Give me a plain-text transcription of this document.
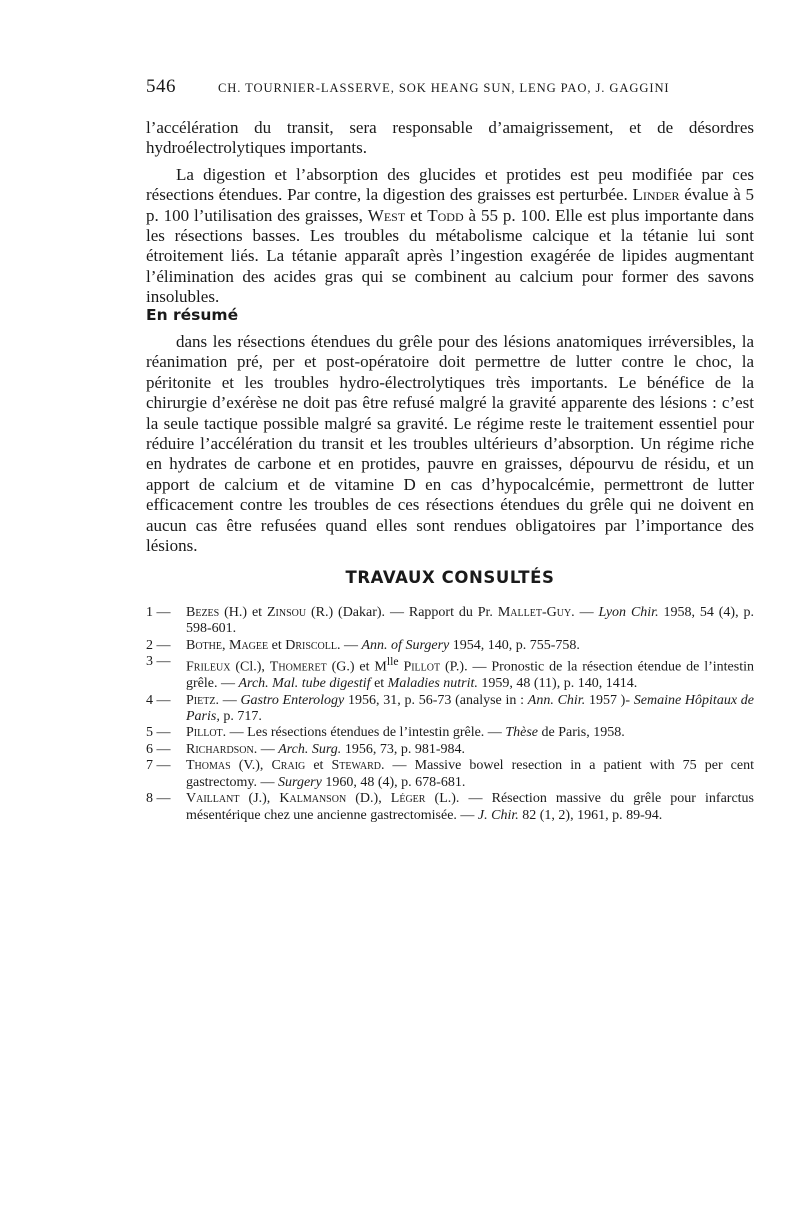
546	CH. TOURNIER-LASSERVE, SOK HEANG SUN, LENG PAO, J. GAGGINI

l’accélération du transit, sera responsable d’amaigrissement, et de désordres hydroélectrolytiques importants.

La digestion et l’absorption des glucides et protides est peu modifiée par ces résections étendues. Par contre, la digestion des graisses est perturbée. Linder évalue à 5 p. 100 l’utilisation des graisses, West et Todd à 55 p. 100. Elle est plus importante dans les résections basses. Les troubles du métabolisme calcique et la tétanie lui sont étroitement liés. La tétanie apparaît après l’ingestion exagérée de lipides augmentant l’élimination des acides gras qui se combinent au calcium pour former des savons insolubles.

En résumé

dans les résections étendues du grêle pour des lésions anatomiques irréversibles, la réanimation pré, per et post-opératoire doit permettre de lutter contre le choc, la péritonite et les troubles hydro-électrolytiques très importants. Le bénéfice de la chirurgie d’exérèse ne doit pas être refusé malgré la gravité apparente des lésions : c’est la seule tactique possible malgré sa gravité. Le régime reste le traitement essentiel pour réduire l’accélération du transit et les troubles ultérieurs d’absorption. Un régime riche en hydrates de carbone et en protides, pauvre en graisses, dépourvu de résidu, et un apport de calcium et de vitamine D en cas d’hypocalcémie, permettront de lutter efficacement contre les troubles de ces résections étendues du grêle qui ne doivent en aucun cas être refusées quand elles sont rendues obligatoires par l’importance des lésions.

TRAVAUX CONSULTÉS
1 —	Bezes (H.) et Zinsou (R.) (Dakar). — Rapport du Pr. Mallet-Guy. — Lyon Chir. 1958, 54 (4), p. 598-601.
2 —	Bothe, Magee et Driscoll. — Ann. of Surgery 1954, 140, p. 755-758.
3 —	Frileux (Cl.), Thomeret (G.) et $M^{lle}$ Pillot (P.). — Pronostic de la résection étendue de l’intestin grêle. — Arch. Mal. tube digestif et Maladies nutrit. 1959, 48 (11), p. 140, 1414.
4 —	Pietz. — Gastro Enterology 1956, 31, p. 56-73 (analyse in : Ann. Chir. 1957 )- Semaine Hôpitaux de Paris, p. 717.
5 —	Pillot. — Les résections étendues de l’intestin grêle. — Thèse de Paris, 1958.
6 —	Richardson. — Arch. Surg. 1956, 73, p. 981-984.
7 —	Thomas (V.), Craig et Steward. — Massive bowel resection in a patient with 75 per cent gastrectomy. — Surgery 1960, 48 (4), p. 678-681.
8 —	Vaillant (J.), Kalmanson (D.), Léger (L.). — Résection massive du grêle pour infarctus mésentérique chez une ancienne gastrectomisée. — J. Chir. 82 (1, 2), 1961, p. 89-94.
